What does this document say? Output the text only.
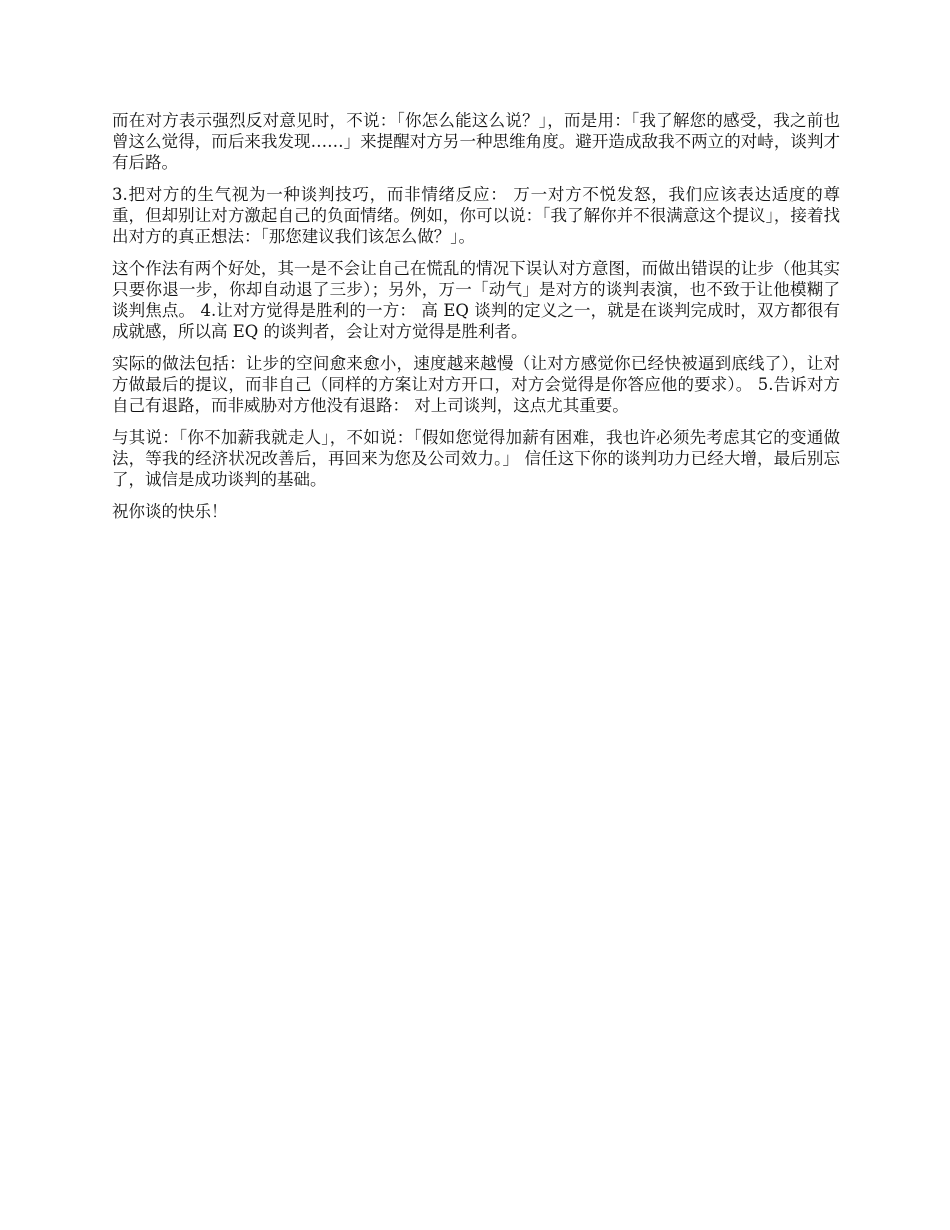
而在对方表示强烈反对意见时，不说：「你怎么能这么说？」，而是用：「我了解您的感受，我之前也曾这么觉得，而后来我发现……」来提醒对方另一种思维角度。避开造成敌我不两立的对峙，谈判才有后路。

3.把对方的生气视为一种谈判技巧，而非情绪反应： 万一对方不悦发怒，我们应该表达适度的尊重，但却别让对方激起自己的负面情绪。例如，你可以说：「我了解你并不很满意这个提议」，接着找出对方的真正想法：「那您建议我们该怎么做？」。

这个作法有两个好处，其一是不会让自己在慌乱的情况下误认对方意图，而做出错误的让步（他其实只要你退一步，你却自动退了三步）；另外，万一「动气」是对方的谈判表演，也不致于让他模糊了谈判焦点。 4.让对方觉得是胜利的一方： 高 EQ 谈判的定义之一，就是在谈判完成时，双方都很有成就感，所以高 EQ 的谈判者，会让对方觉得是胜利者。

实际的做法包括：让步的空间愈来愈小，速度越来越慢（让对方感觉你已经快被逼到底线了），让对方做最后的提议，而非自己（同样的方案让对方开口，对方会觉得是你答应他的要求）。 5.告诉对方自己有退路，而非威胁对方他没有退路： 对上司谈判，这点尤其重要。

与其说：「你不加薪我就走人」，不如说：「假如您觉得加薪有困难，我也许必须先考虑其它的变通做法，等我的经济状况改善后，再回来为您及公司效力。」 信任这下你的谈判功力已经大增，最后别忘了，诚信是成功谈判的基础。

祝你谈的快乐！
